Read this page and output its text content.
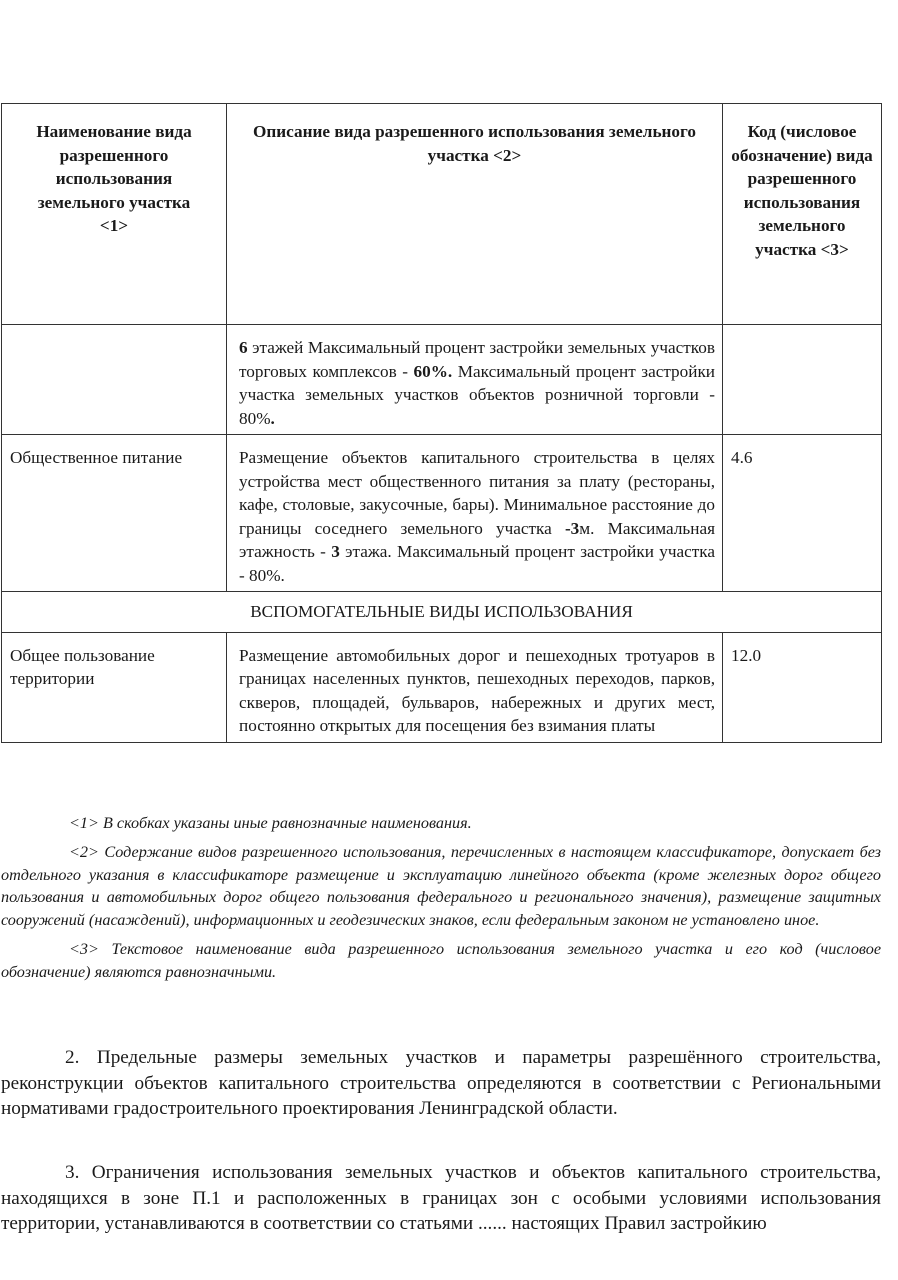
Наименование вида разрешенного использования земельного участка <1>	Описание вида разрешенного использования земельного участка <2>	Код (числовое обозначение) вида разрешенного использования земельного участка <3>
	6 этажей Максимальный процент застройки земельных участков торговых комплексов - 60%. Максимальный процент застройки участка земельных участков объектов розничной торговли - 80%.	
Общественное питание	Размещение объектов капитального строительства в целях устройства мест общественного питания за плату (рестораны, кафе, столовые, закусочные, бары). Минимальное расстояние до границы соседнего земельного участка -3м. Максимальная этажность - 3 этажа. Максимальный процент застройки участка - 80%.	4.6
ВСПОМОГАТЕЛЬНЫЕ ВИДЫ ИСПОЛЬЗОВАНИЯ		
Общее пользование территории	Размещение автомобильных дорог и пешеходных тротуаров в границах населенных пунктов, пешеходных переходов, парков, скверов, площадей, бульваров, набережных и других мест, постоянно открытых для посещения без взимания платы	12.0

<1> В скобках указаны иные равнозначные наименования.

<2> Содержание видов разрешенного использования, перечисленных в настоящем классификаторе, допускает без отдельного указания в классификаторе размещение и эксплуатацию линейного объекта (кроме железных дорог общего пользования и автомобильных дорог общего пользования федерального и регионального значения), размещение защитных сооружений (насаждений), информационных и геодезических знаков, если федеральным законом не установлено иное.

<3> Текстовое наименование вида разрешенного использования земельного участка и его код (числовое обозначение) являются равнозначными.

2. Предельные размеры земельных участков и параметры разрешённого строительства, реконструкции объектов капитального строительства определяются в соответствии с Региональными нормативами градостроительного проектирования Ленинградской области.

3. Ограничения использования земельных участков и объектов капитального строительства, находящихся в зоне П.1 и расположенных в границах зон с особыми условиями использования территории, устанавливаются в соответствии со статьями ...... настоящих Правил застройкию
